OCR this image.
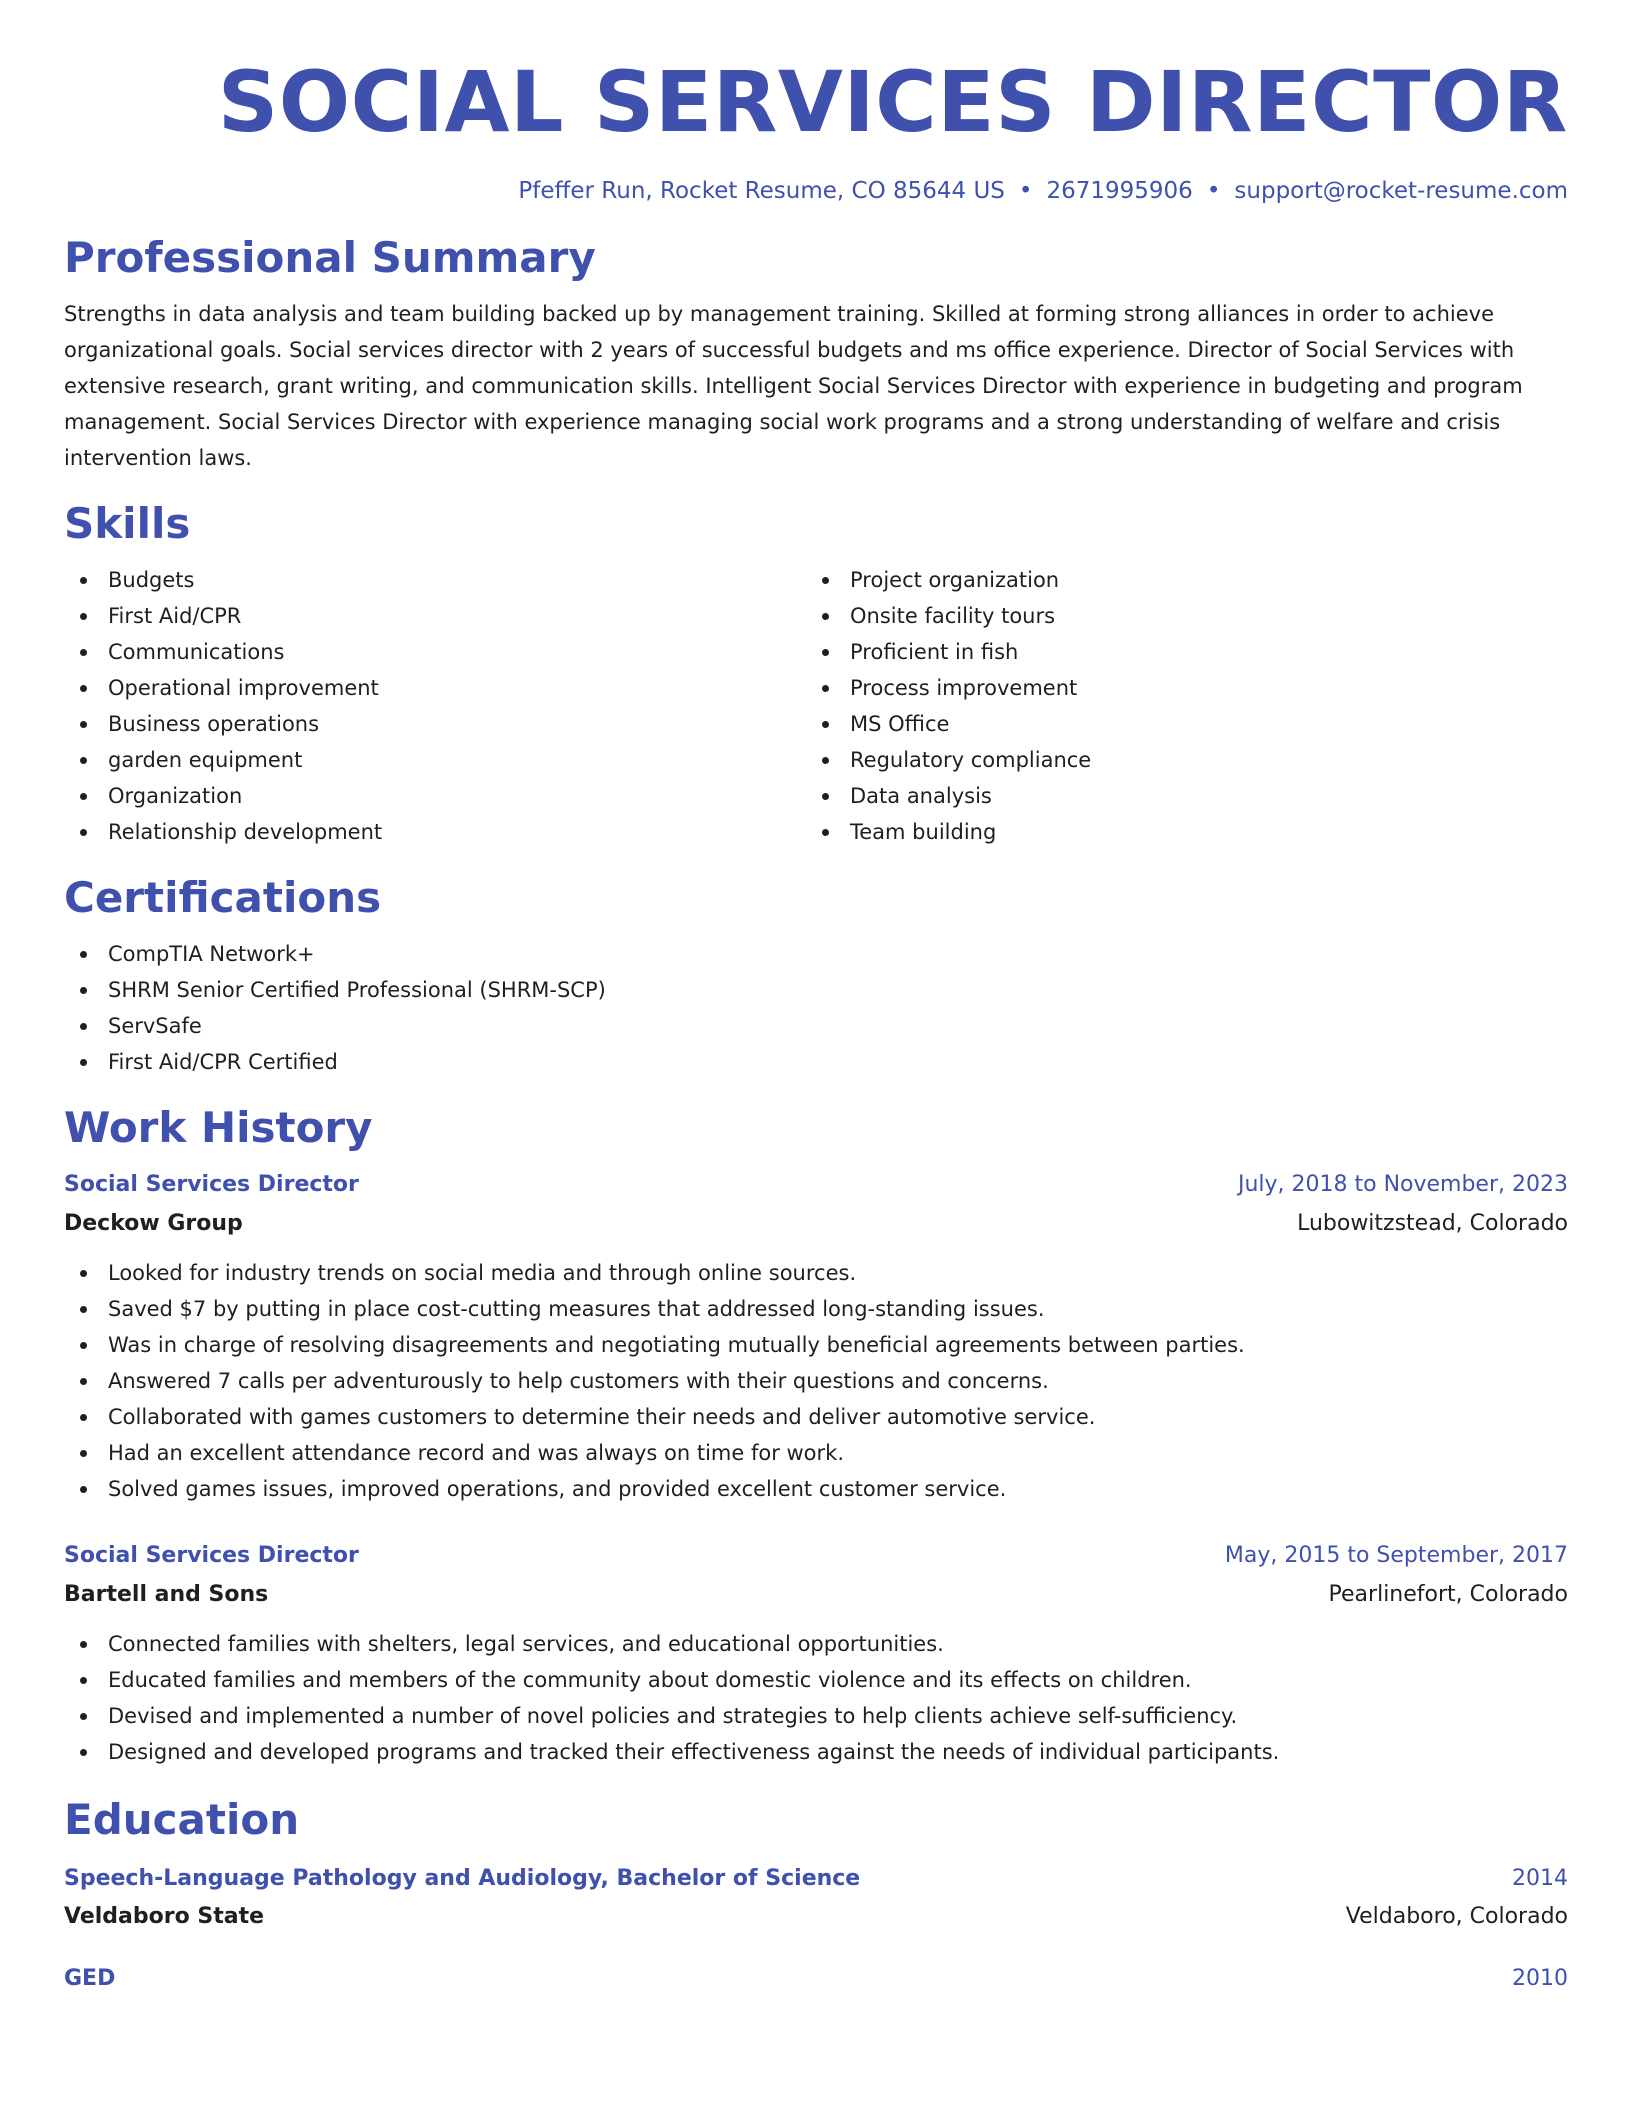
SOCIAL SERVICES DIRECTOR
Pfeffer Run, Rocket Resume, CO 85644 US • 2671995906 • support@rocket-resume.com
Professional Summary
Strengths in data analysis and team building backed up by management training. Skilled at forming strong alliances in order to achieve organizational goals. Social services director with 2 years of successful budgets and ms office experience. Director of Social Services with extensive research, grant writing, and communication skills. Intelligent Social Services Director with experience in budgeting and program management. Social Services Director with experience managing social work programs and a strong understanding of welfare and crisis intervention laws.
Skills
Budgets
First Aid/CPR
Communications
Operational improvement
Business operations
garden equipment
Organization
Relationship development
Project organization
Onsite facility tours
Proficient in fish
Process improvement
MS Office
Regulatory compliance
Data analysis
Team building
Certifications
CompTIA Network+
SHRM Senior Certified Professional (SHRM-SCP)
ServSafe
First Aid/CPR Certified
Work History
Social Services Director	July, 2018 to November, 2023
Deckow Group	Lubowitzstead, Colorado
Looked for industry trends on social media and through online sources.
Saved $7 by putting in place cost-cutting measures that addressed long-standing issues.
Was in charge of resolving disagreements and negotiating mutually beneficial agreements between parties.
Answered 7 calls per adventurously to help customers with their questions and concerns.
Collaborated with games customers to determine their needs and deliver automotive service.
Had an excellent attendance record and was always on time for work.
Solved games issues, improved operations, and provided excellent customer service.
Social Services Director	May, 2015 to September, 2017
Bartell and Sons	Pearlinefort, Colorado
Connected families with shelters, legal services, and educational opportunities.
Educated families and members of the community about domestic violence and its effects on children.
Devised and implemented a number of novel policies and strategies to help clients achieve self-sufficiency.
Designed and developed programs and tracked their effectiveness against the needs of individual participants.
Education
Speech-Language Pathology and Audiology, Bachelor of Science	2014
Veldaboro State	Veldaboro, Colorado
GED	2010
